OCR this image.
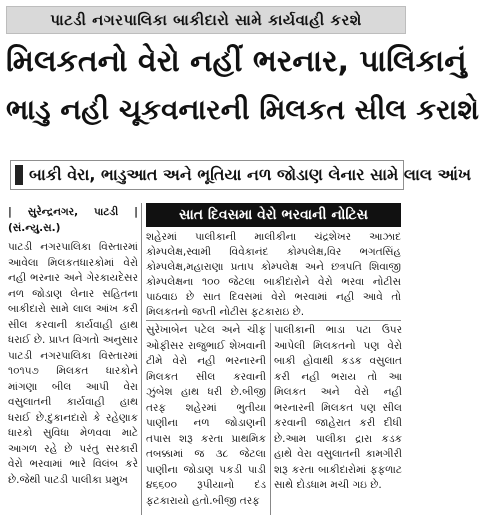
પાટડી નગરપાલિકા બાકીદારો સામે કાર્યવાહી કરશે
મિલકતનો વેરો નહીં ભરનાર, પાલિકાનું
ભાડુ નહી ચૂકવનારની મિલકત સીલ કરાશે
બાકી વેરા, ભાડુઆત અને ભૂતિયા નળ જોડાણ લેનાર સામે લાલ આંખ
| સુરેન્દ્રનગર, પાટડી | (સં.ન્યુ.સ.)
પાટડી નગરપાલિકા વિસ્તારમાં આવેલા મિલકતધારકોમાં વેરો નહી ભરનાર અને ગેરકાયદેસર નળ જોડાણ લેનાર સહિતના બાકીદારો સામે લાલ આંખ કરી સીલ કરવાની કાર્યવાહી હાથ ધરાઈ છે. પ્રાપ્ત વિગતો અનુસાર પાટડી નગરપાલિકા વિસ્તારમાં ૧૦૧૫૭ મિલકત ધારકોને માંગણા બીલ આપી વેરા વસુલાતની કાર્યવાહી હાથ ધરાઈ છે.દુકાનદારો કે રહેણાક ધારકો સુવિધા મેળવવા માટે આગળ રહે છે પરંતુ સરકારી વેરો ભરવામાં ભારે વિલંબ કરે છે.જેથી પાટડી પાલીકા પ્રમુખ
સાત દિવસમા વેરો ભરવાની નોટિસ
શહેરમાં પાલીકાની માલીકીના ચંદ્રશેખર આઝાદ કોમ્પલેક્ષ,સ્વામી વિવેકાનંદ કોમ્પલેક્ષ,વિર ભગતસિંહ કોમ્પલેક્ષ,મહારાણા પ્રતાપ કોમ્પલેક્ષ અને છત્રપતિ શિવાજી કોમ્પલેક્ષના ૧૦૦ જેટલા બાકીદારોને વેરો ભરવા નોટીસ પાઠવાઇ છે સાત દિવસમાં વેરો ભરવામાં નહી આવે તો મિલકતનો જપ્તી નોટીસ ફટકારાઇ છે.
સુરેખાબેન પટેલ અને ચીફ ઓફીસર રાજુભાઈ શેખવાની ટીમે વેરો નહી ભરનારની મિલકત સીલ કરવાની ઝુંબેશ હાથ ધરી છે.બીજી તરફ શહેરમાં ભુતીયા પાણીના નળ જોડાણની તપાસ શરૂ કરતા પ્રાથમિક તબક્કામાં જ ૩૮ જેટલા પાણીના જોડાણ પકડી પાડી ૪૬૬૦૦ રૂપીયાનો દંડ ફટકારાયો હતો.બીજી તરફ
પાલીકાની ભાડા પટા ઉપર આપેલી મિલકતનો પણ વેરો બાકી હોવાથી કડક વસુલાત કરી નહી ભરાય તો આ મિલકત અને વેરો નહી ભરનારની મિલકત પણ સીલ કરવાની જાહેરાત કરી દીધી છે.આમ પાલીકા દ્રારા કડક હાથે વેરા વસુલાતની કામગીરી શરૂ કરતા બાકીદારોમાં ફફળાટ સાથે દોડધામ મચી ગઇ છે.
